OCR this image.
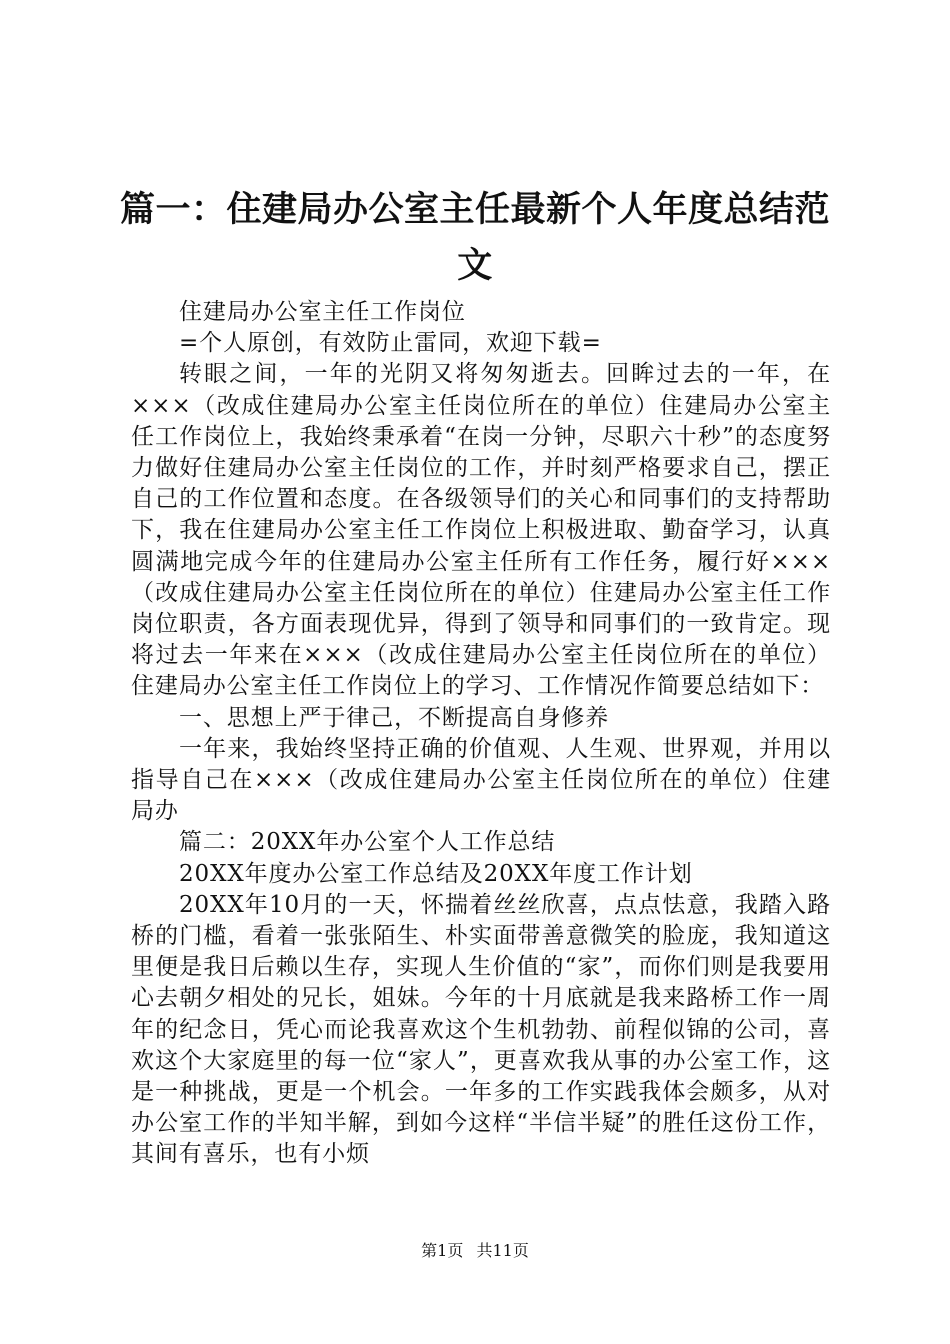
篇一：住建局办公室主任最新个人年度总结范文

住建局办公室主任工作岗位

=个人原创，有效防止雷同，欢迎下载=

转眼之间，一年的光阴又将匆匆逝去。回眸过去的一年，在×××（改成住建局办公室主任岗位所在的单位）住建局办公室主任工作岗位上，我始终秉承着“在岗一分钟，尽职六十秒”的态度努力做好住建局办公室主任岗位的工作，并时刻严格要求自己，摆正自己的工作位置和态度。在各级领导们的关心和同事们的支持帮助下，我在住建局办公室主任工作岗位上积极进取、勤奋学习，认真圆满地完成今年的住建局办公室主任所有工作任务，履行好×××（改成住建局办公室主任岗位所在的单位）住建局办公室主任工作岗位职责，各方面表现优异，得到了领导和同事们的一致肯定。现将过去一年来在×××（改成住建局办公室主任岗位所在的单位）住建局办公室主任工作岗位上的学习、工作情况作简要总结如下：

一、思想上严于律己，不断提高自身修养

一年来，我始终坚持正确的价值观、人生观、世界观，并用以指导自己在×××（改成住建局办公室主任岗位所在的单位）住建局办

篇二：20XX年办公室个人工作总结

20XX年度办公室工作总结及20XX年度工作计划

20XX年10月的一天，怀揣着丝丝欣喜，点点怯意，我踏入路桥的门槛，看着一张张陌生、朴实面带善意微笑的脸庞，我知道这里便是我日后赖以生存，实现人生价值的“家”，而你们则是我要用心去朝夕相处的兄长，姐妹。今年的十月底就是我来路桥工作一周年的纪念日，凭心而论我喜欢这个生机勃勃、前程似锦的公司，喜欢这个大家庭里的每一位“家人”，更喜欢我从事的办公室工作，这是一种挑战，更是一个机会。一年多的工作实践我体会颇多，从对办公室工作的半知半解，到如今这样“半信半疑”的胜任这份工作，其间有喜乐，也有小烦

第1页 共11页
